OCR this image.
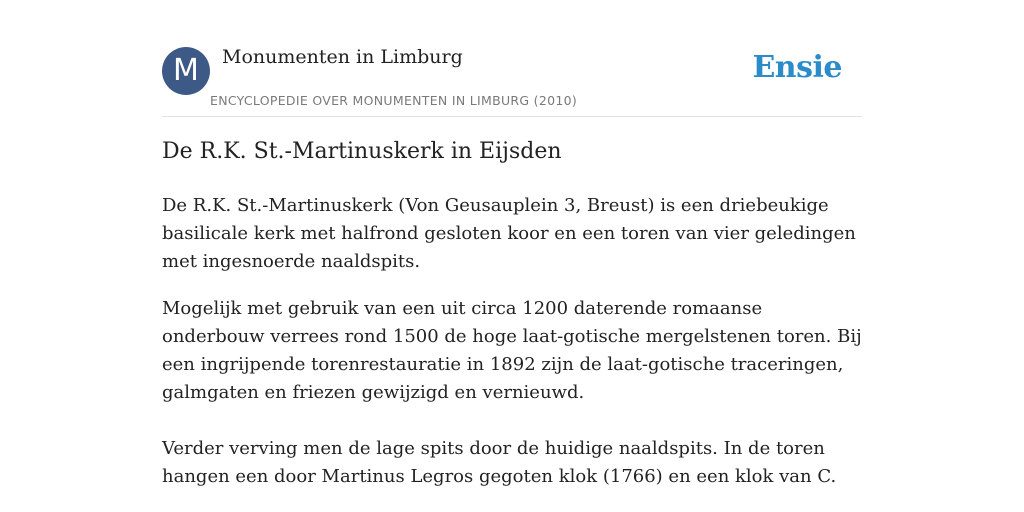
M	Monumenten in Limburg
ENCYCLOPEDIE OVER MONUMENTEN IN LIMBURG (2010)
Ensie
De R.K. St.-Martinuskerk in Eijsden

De R.K. St.-Martinuskerk (Von Geusauplein 3, Breust) is een driebeukige basilicale kerk met halfrond gesloten koor en een toren van vier geledingen met ingesnoerde naaldspits.

Mogelijk met gebruik van een uit circa 1200 daterende romaanse onderbouw verrees rond 1500 de hoge laat-gotische mergelstenen toren. Bij een ingrijpende torenrestauratie in 1892 zijn de laat-gotische traceringen, galmgaten en friezen gewijzigd en vernieuwd.

Verder verving men de lage spits door de huidige naaldspits. In de toren hangen een door Martinus Legros gegoten klok (1766) en een klok van C.
